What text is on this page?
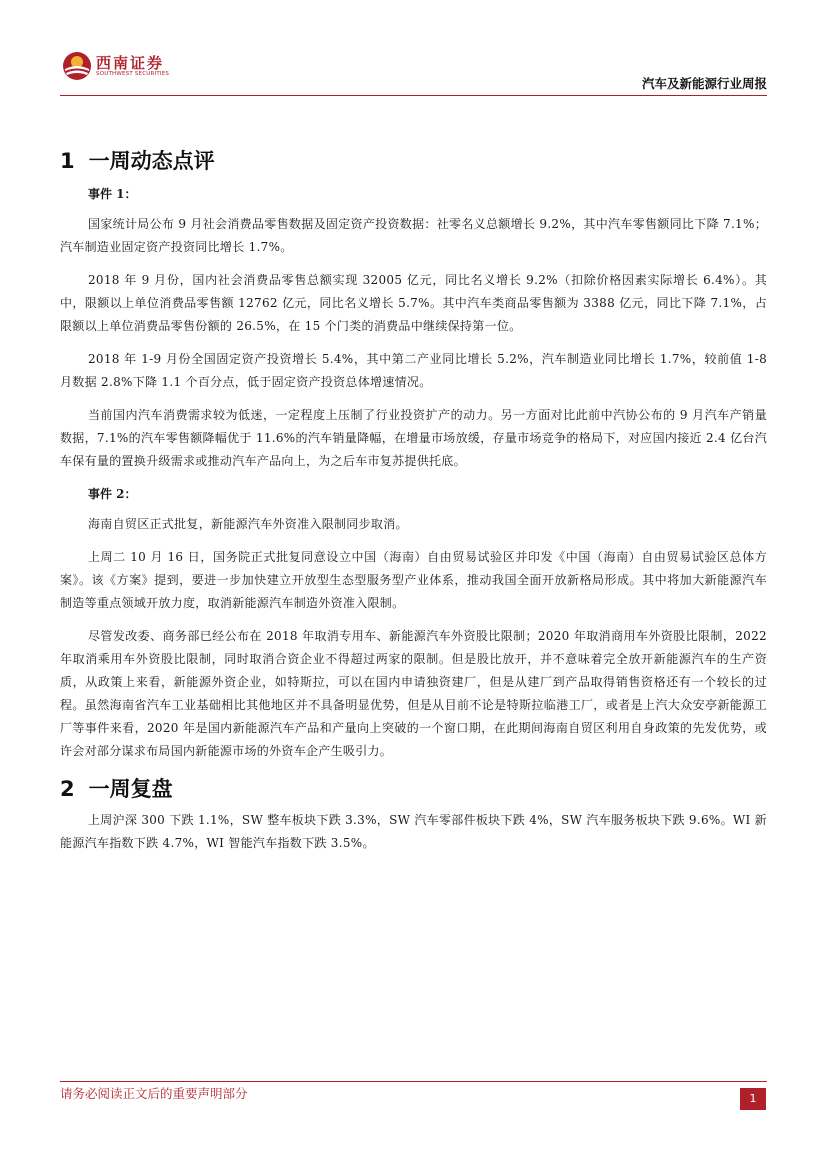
西南证券
SOUTHWEST SECURITIES
汽车及新能源行业周报
1 一周动态点评
事件 1：

国家统计局公布 9 月社会消费品零售数据及固定资产投资数据：社零名义总额增长 9.2%，其中汽车零售额同比下降 7.1%；汽车制造业固定资产投资同比增长 1.7%。

2018 年 9 月份，国内社会消费品零售总额实现 32005 亿元，同比名义增长 9.2%（扣除价格因素实际增长 6.4%）。其中，限额以上单位消费品零售额 12762 亿元，同比名义增长 5.7%。其中汽车类商品零售额为 3388 亿元，同比下降 7.1%，占限额以上单位消费品零售份额的 26.5%，在 15 个门类的消费品中继续保持第一位。

2018 年 1-9 月份全国固定资产投资增长 5.4%，其中第二产业同比增长 5.2%，汽车制造业同比增长 1.7%，较前值 1-8 月数据 2.8%下降 1.1 个百分点，低于固定资产投资总体增速情况。

当前国内汽车消费需求较为低迷，一定程度上压制了行业投资扩产的动力。另一方面对比此前中汽协公布的 9 月汽车产销量数据，7.1%的汽车零售额降幅优于 11.6%的汽车销量降幅，在增量市场放缓，存量市场竞争的格局下，对应国内接近 2.4 亿台汽车保有量的置换升级需求或推动汽车产品向上，为之后车市复苏提供托底。

事件 2：

海南自贸区正式批复，新能源汽车外资准入限制同步取消。

上周二 10 月 16 日，国务院正式批复同意设立中国（海南）自由贸易试验区并印发《中国（海南）自由贸易试验区总体方案》。该《方案》提到，要进一步加快建立开放型生态型服务型产业体系，推动我国全面开放新格局形成。其中将加大新能源汽车制造等重点领域开放力度，取消新能源汽车制造外资准入限制。

尽管发改委、商务部已经公布在 2018 年取消专用车、新能源汽车外资股比限制；2020 年取消商用车外资股比限制，2022 年取消乘用车外资股比限制，同时取消合资企业不得超过两家的限制。但是股比放开，并不意味着完全放开新能源汽车的生产资质，从政策上来看，新能源外资企业，如特斯拉，可以在国内申请独资建厂，但是从建厂到产品取得销售资格还有一个较长的过程。虽然海南省汽车工业基础相比其他地区并不具备明显优势，但是从目前不论是特斯拉临港工厂，或者是上汽大众安亭新能源工厂等事件来看，2020 年是国内新能源汽车产品和产量向上突破的一个窗口期，在此期间海南自贸区利用自身政策的先发优势，或许会对部分谋求布局国内新能源市场的外资车企产生吸引力。

2 一周复盘

上周沪深 300 下跌 1.1%，SW 整车板块下跌 3.3%，SW 汽车零部件板块下跌 4%，SW 汽车服务板块下跌 9.6%。WI 新能源汽车指数下跌 4.7%，WI 智能汽车指数下跌 3.5%。

请务必阅读正文后的重要声明部分	1
